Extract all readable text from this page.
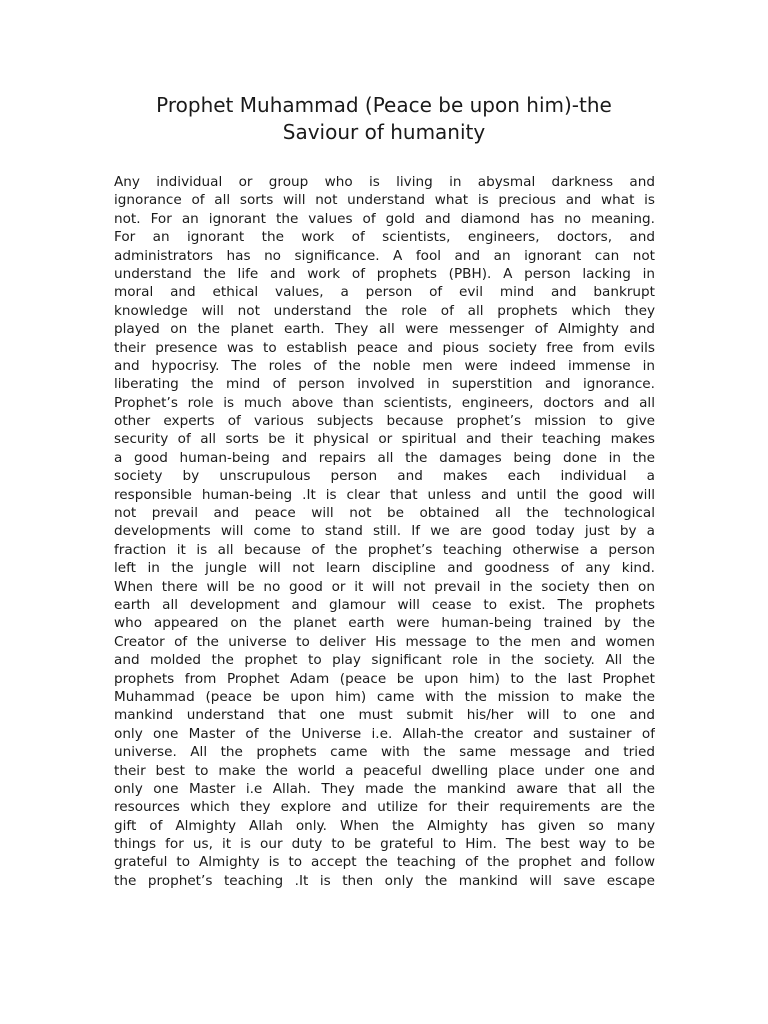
Prophet Muhammad (Peace be upon him)-the
Saviour of humanity
Any individual or group who is living in abysmal darkness and
ignorance of all sorts will not understand what is precious and what is
not. For an ignorant the values of gold and diamond has no meaning.
For an ignorant the work of scientists, engineers, doctors, and
administrators has no significance. A fool and an ignorant can not
understand the life and work of prophets (PBH). A person lacking in
moral and ethical values, a person of evil mind and bankrupt
knowledge will not understand the role of all prophets which they
played on the planet earth. They all were messenger of Almighty and
their presence was to establish peace and pious society free from evils
and hypocrisy. The roles of the noble men were indeed immense in
liberating the mind of person involved in superstition and ignorance.
Prophet’s role is much above than scientists, engineers, doctors and all
other experts of various subjects because prophet’s mission to give
security of all sorts be it physical or spiritual and their teaching makes
a good human-being and repairs all the damages being done in the
society by unscrupulous person and makes each individual a
responsible human-being .It is clear that unless and until the good will
not prevail and peace will not be obtained all the technological
developments will come to stand still. If we are good today just by a
fraction it is all because of the prophet’s teaching otherwise a person
left in the jungle will not learn discipline and goodness of any kind.
When there will be no good or it will not prevail in the society then on
earth all development and glamour will cease to exist. The prophets
who appeared on the planet earth were human-being trained by the
Creator of the universe to deliver His message to the men and women
and molded the prophet to play significant role in the society. All the
prophets from Prophet Adam (peace be upon him) to the last Prophet
Muhammad (peace be upon him) came with the mission to make the
mankind understand that one must submit his/her will to one and
only one Master of the Universe i.e. Allah-the creator and sustainer of
universe. All the prophets came with the same message and tried
their best to make the world a peaceful dwelling place under one and
only one Master i.e Allah. They made the mankind aware that all the
resources which they explore and utilize for their requirements are the
gift of Almighty Allah only. When the Almighty has given so many
things for us, it is our duty to be grateful to Him. The best way to be
grateful to Almighty is to accept the teaching of the prophet and follow
the prophet’s teaching .It is then only the mankind will save escape
